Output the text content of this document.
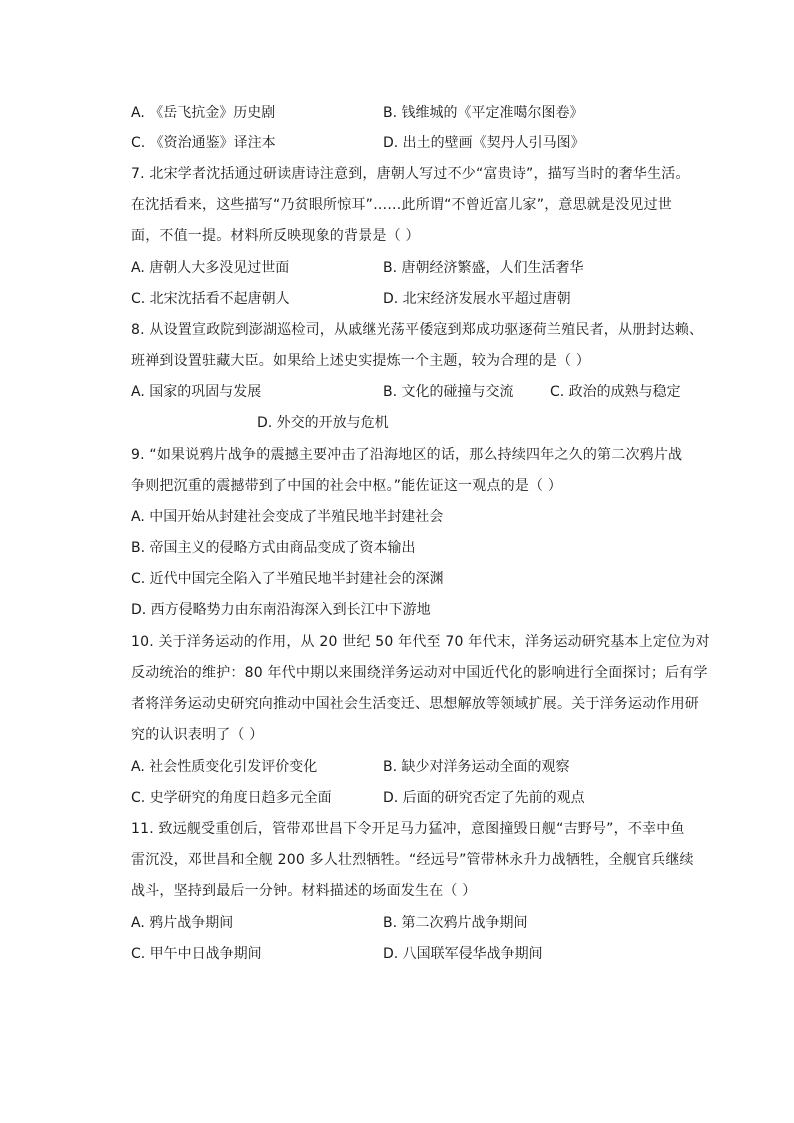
A. 《岳飞抗金》历史剧	B. 钱维城的《平定准噶尔图卷》
C. 《资治通鉴》译注本	D. 出土的壁画《契丹人引马图》
7. 北宋学者沈括通过研读唐诗注意到，唐朝人写过不少“富贵诗”，描写当时的奢华生活。
在沈括看来，这些描写“乃贫眼所惊耳”……此所谓“不曾近富儿家”，意思就是没见过世
面，不值一提。材料所反映现象的背景是（ ）
A. 唐朝人大多没见过世面	B. 唐朝经济繁盛，人们生活奢华
C. 北宋沈括看不起唐朝人	D. 北宋经济发展水平超过唐朝
8. 从设置宣政院到澎湖巡检司，从戚继光荡平倭寇到郑成功驱逐荷兰殖民者，从册封达赖、
班禅到设置驻藏大臣。如果给上述史实提炼一个主题，较为合理的是（ ）
A. 国家的巩固与发展	B. 文化的碰撞与交流	C. 政治的成熟与稳定
D. 外交的开放与危机
9. “如果说鸦片战争的震撼主要冲击了沿海地区的话，那么持续四年之久的第二次鸦片战
争则把沉重的震撼带到了中国的社会中枢。”能佐证这一观点的是（ ）
A. 中国开始从封建社会变成了半殖民地半封建社会
B. 帝国主义的侵略方式由商品变成了资本输出
C. 近代中国完全陷入了半殖民地半封建社会的深渊
D. 西方侵略势力由东南沿海深入到长江中下游地
10. 关于洋务运动的作用，从 20 世纪 50 年代至 70 年代末，洋务运动研究基本上定位为对
反动统治的维护：80 年代中期以来围绕洋务运动对中国近代化的影响进行全面探讨；后有学
者将洋务运动史研究向推动中国社会生活变迁、思想解放等领域扩展。关于洋务运动作用研
究的认识表明了（ ）
A. 社会性质变化引发评价变化	B. 缺少对洋务运动全面的观察
C. 史学研究的角度日趋多元全面	D. 后面的研究否定了先前的观点
11. 致远舰受重创后，管带邓世昌下令开足马力猛冲，意图撞毁日舰“吉野号”，不幸中鱼
雷沉没，邓世昌和全舰 200 多人壮烈牺牲。“经远号”管带林永升力战牺牲，全舰官兵继续
战斗，坚持到最后一分钟。材料描述的场面发生在（ ）
A. 鸦片战争期间	B. 第二次鸦片战争期间
C. 甲午中日战争期间	D. 八国联军侵华战争期间
